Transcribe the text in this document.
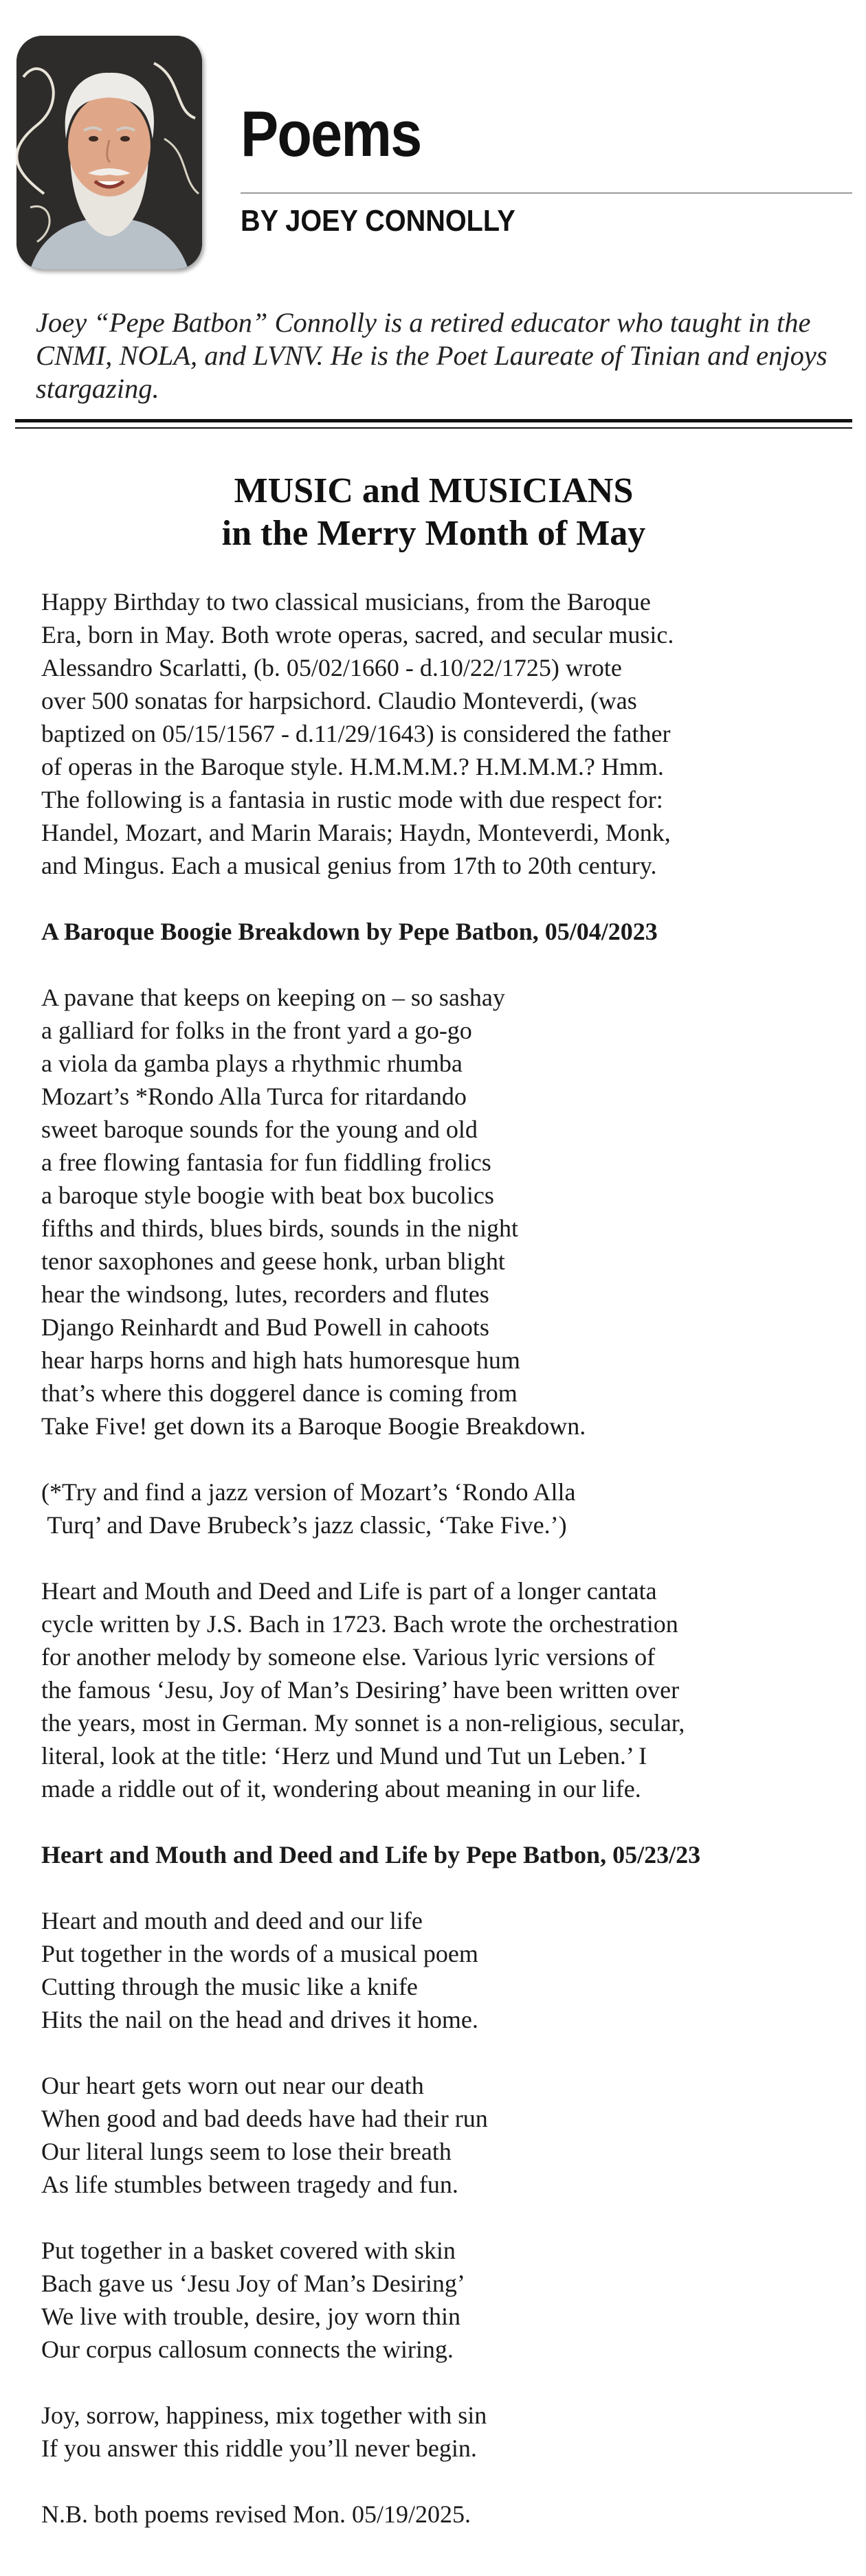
Poems

BY JOEY CONNOLLY

Joey “Pepe Batbon” Connolly is a retired educator who taught in the CNMI, NOLA, and LVNV. He is the Poet Laureate of Tinian and enjoys stargazing.

MUSIC and MUSICIANS
in the Merry Month of May

Happy Birthday to two classical musicians, from the Baroque
Era, born in May. Both wrote operas, sacred, and secular music.
Alessandro Scarlatti, (b. 05/02/1660 - d.10/22/1725) wrote
over 500 sonatas for harpsichord. Claudio Monteverdi, (was
baptized on 05/15/1567 - d.11/29/1643) is considered the father
of operas in the Baroque style. H.M.M.M.? H.M.M.M.? Hmm.
The following is a fantasia in rustic mode with due respect for:
Handel, Mozart, and Marin Marais; Haydn, Monteverdi, Monk,
and Mingus. Each a musical genius from 17th to 20th century.

A Baroque Boogie Breakdown by Pepe Batbon, 05/04/2023

A pavane that keeps on keeping on – so sashay
a galliard for folks in the front yard a go-go
a viola da gamba plays a rhythmic rhumba
Mozart’s *Rondo Alla Turca for ritardando
sweet baroque sounds for the young and old
a free flowing fantasia for fun fiddling frolics
a baroque style boogie with beat box bucolics
fifths and thirds, blues birds, sounds in the night
tenor saxophones and geese honk, urban blight
hear the windsong, lutes, recorders and flutes
Django Reinhardt and Bud Powell in cahoots
hear harps horns and high hats humoresque hum
that’s where this doggerel dance is coming from
Take Five! get down its a Baroque Boogie Breakdown.

(*Try and find a jazz version of Mozart’s ‘Rondo Alla
Turq’ and Dave Brubeck’s jazz classic, ‘Take Five.’)

Heart and Mouth and Deed and Life is part of a longer cantata
cycle written by J.S. Bach in 1723. Bach wrote the orchestration
for another melody by someone else. Various lyric versions of
the famous ‘Jesu, Joy of Man’s Desiring’ have been written over
the years, most in German. My sonnet is a non-religious, secular,
literal, look at the title: ‘Herz und Mund und Tut un Leben.’ I
made a riddle out of it, wondering about meaning in our life.

Heart and Mouth and Deed and Life by Pepe Batbon, 05/23/23

Heart and mouth and deed and our life
Put together in the words of a musical poem
Cutting through the music like a knife
Hits the nail on the head and drives it home.

Our heart gets worn out near our death
When good and bad deeds have had their run
Our literal lungs seem to lose their breath
As life stumbles between tragedy and fun.

Put together in a basket covered with skin
Bach gave us ‘Jesu Joy of Man’s Desiring’
We live with trouble, desire, joy worn thin
Our corpus callosum connects the wiring.

Joy, sorrow, happiness, mix together with sin
If you answer this riddle you’ll never begin.

N.B. both poems revised Mon. 05/19/2025.
